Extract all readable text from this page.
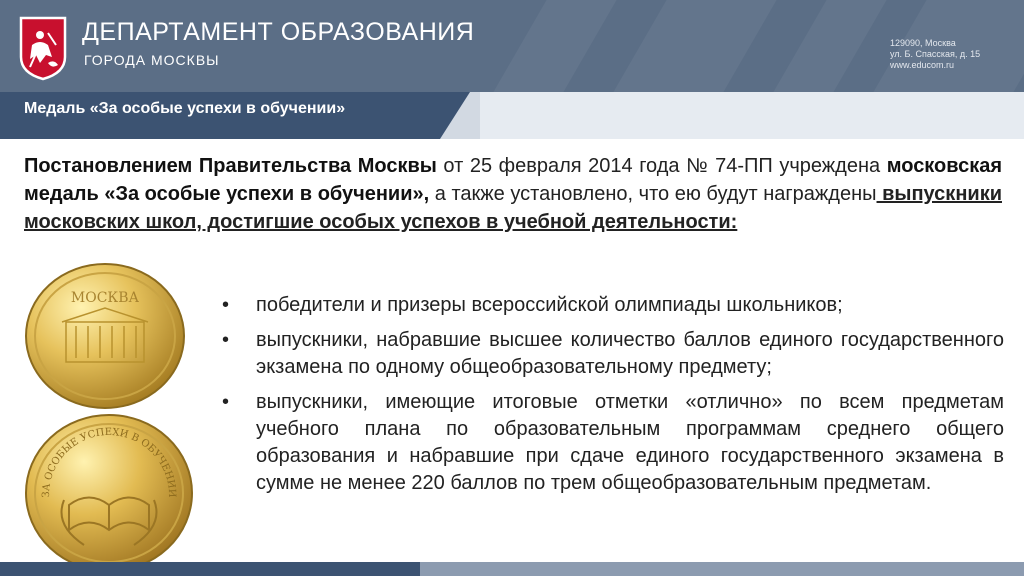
ДЕПАРТАМЕНТ ОБРАЗОВАНИЯ
ГОРОДА МОСКВЫ
129090, Москва
ул. Б. Спасская, д. 15
www.educom.ru
Медаль «За особые успехи в обучении»
Постановлением Правительства Москвы от 25 февраля 2014 года № 74-ПП учреждена московская медаль «За особые успехи в обучении», а также установлено, что ею будут награждены выпускники московских школ, достигшие особых успехов в учебной деятельности:
МОСКВА
ЗА ОСОБЫЕ УСПЕХИ В ОБУЧЕНИИ
• победители и призеры всероссийской олимпиады школьников;
• выпускники, набравшие высшее количество баллов единого государственного экзамена по одному общеобразовательному предмету;
• выпускники, имеющие итоговые отметки «отлично» по всем предметам учебного плана по образовательным программам среднего общего образования и набравшие при сдаче единого государственного экзамена в сумме не менее 220 баллов по трем общеобразовательным предметам.
